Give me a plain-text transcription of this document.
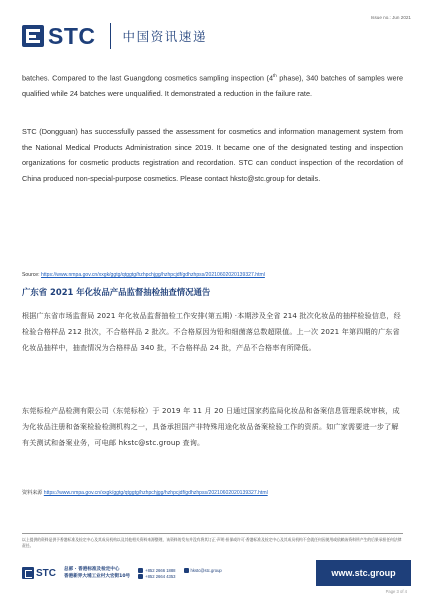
Issue no.: Jun 2021
STC 中国资讯速递

batches. Compared to the last Guangdong cosmetics sampling inspection (4th phase), 340 batches of samples were qualified while 24 batches were unqualified. It demonstrated a reduction in the failure rate.

STC (Dongguan) has successfully passed the assessment for cosmetics and information management system from the National Medical Products Administration since 2019. It became one of the designated testing and inspection organizations for cosmetic products registration and recordation. STC can conduct inspection of the recordation of China produced non-special-purpose cosmetics. Please contact hkstc@stc.group for details.

Source: https://www.nmpa.gov.cn/xxgk/ggtg/qtggtg/hzhpchjgg/hzhpcjdf/gdhzhpss/20210602020139327.html
广东省 2021 年化妆品产品监督抽检抽查情况通告

根据广东省市场监督局 2021 年化妆品监督抽检工作安排(第五期) ·本期涉及全省 214 批次化妆品的抽样检验信息，经检验合格样品 212 批次，不合格样品 2 批次。不合格原因为铅和细菌落总数超限值。上一次 2021 年第四期的广东省化妆品抽样中，抽查情况为合格样品 340 批，不合格样品 24 批，产品不合格率有所降低。

东莞标检产品检测有限公司（东莞标检）于 2019 年 11 月 20 日通过国家药监局化妆品和备案信息管理系统审核，成为化妆品注册和备案检验检测机构之一，具备承担国产非特殊用途化妆品备案检验工作的资质。如广家需要进一步了解有关测试和备案业务，可电邮 hkstc@stc.group 查询。

资料来源 https://www.nmpa.gov.cn/xxgk/ggtg/qtggtg/hzhpchjgg/hzhpcjdf/gdhzhpss/20210602020139327.html
以上提供的资料是供予香港标准及检定中心及其成员机构以及其他相关资料来源整理，该资料的发布并没有将其订正·声明·担保或许可·香港标准及检定中心及其成员机构不会就任何因使用或依赖该资料所产生的后果承担任何法律责任。
STC 总部 · 香港标准及检定中心
香港新界大埔工业村大宏街10号
+852 2666 1888	hkstc@stc.group
+852 2664 4353	www.stc.group
Page 3 of 4
